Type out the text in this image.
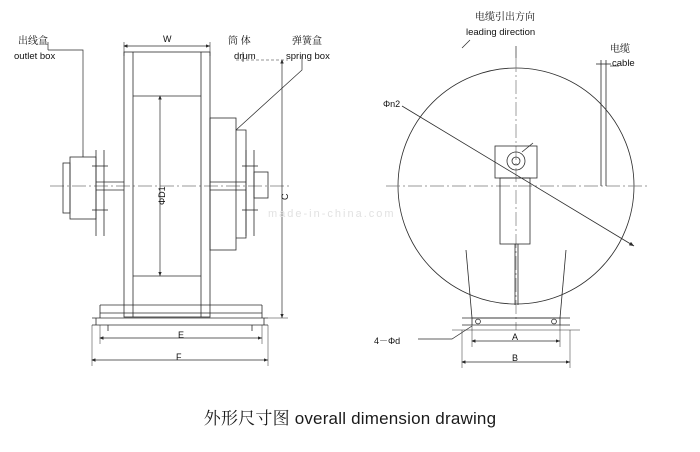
出线盒
outlet box
筒 体
drum
弹簧盒
spring box
W
ΦD1	C
E
F
电缆引出方向
leading direction
电缆
cable
Φn2
4－Φd	A
B
made-in-china.com
外形尺寸图 overall dimension drawing
